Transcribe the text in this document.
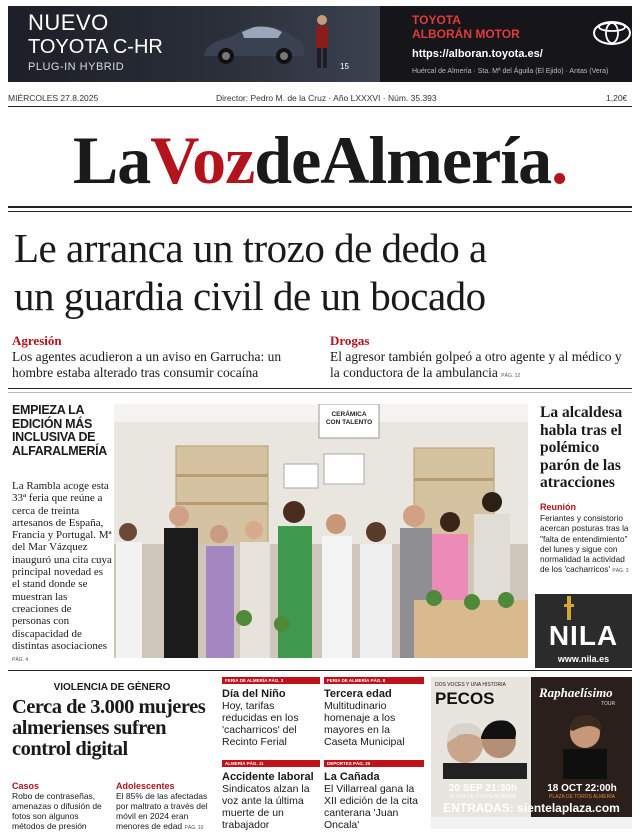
NUEVO
TOYOTA C-HR
PLUG-IN HYBRID	15
TOYOTA
ALBORÁN MOTOR
https://alboran.toyota.es/
Huércal de Almería · Sta. Mª del Águila (El Ejido) · Antas (Vera)
MIÉRCOLES 27.8.2025	Director: Pedro M. de la Cruz · Año LXXXVI · Núm. 35.393	1,20€
LaVozdeAlmería.
Le arranca un trozo de dedo a
un guardia civil de un bocado
Agresión
Los agentes acudieron a un aviso en Garrucha: un hombre estaba alterado tras consumir cocaína
Drogas
El agresor también golpeó a otro agente y al médico y la conductora de la ambulancia PÁG. 12
EMPIEZA LA EDICIÓN MÁS INCLUSIVA DE ALFARALMERÍA
La Rambla acoge esta 33ª feria que reúne a cerca de treinta artesanos de España, Francia y Portugal. Mª del Mar Vázquez inauguró una cita cuya principal novedad es el stand donde se muestran las creaciones de personas con discapacidad de distintas asociaciones PÁG. 4
CERÁMICA CON TALENTO
La alcaldesa habla tras el polémico parón de las atracciones
Reunión
Feriantes y consistorio acercan posturas tras la "falta de entendimiento" del lunes y sigue con normalidad la actividad de los 'cacharricos' PÁG. 3
NILA
www.nila.es
VIOLENCIA DE GÉNERO
Cerca de 3.000 mujeres almerienses sufren control digital
Casos
Robo de contraseñas, amenazas o difusión de fotos son algunos métodos de presión
Adolescentes
El 85% de las afectadas por maltrato a través del móvil en 2024 eran menores de edad PÁG. 10
FERIA DE ALMERÍA PÁG. 3
Día del Niño
Hoy, tarifas reducidas en los 'cacharricos' del Recinto Ferial
FERIA DE ALMERÍA PÁG. 8
Tercera edad
Multitudinario homenaje a los mayores en la Caseta Municipal
ALMERÍA PÁG. 11
Accidente laboral
Sindicatos alzan la voz ante la última muerte de un trabajador
DEPORTES PÁG. 29
La Cañada
El Villarreal gana la XII edición de la cita canterana 'Juan Oncala'
DOS VOCES Y UNA HISTORIA
PECOS	Raphaelísimo
TOUR
20 SEP 21:30h
PLAZA DE TOROS ALMERÍA
18 OCT 22:00h
PLAZA DE TOROS ALMERÍA
ENTRADAS: sientelaplaza.com
